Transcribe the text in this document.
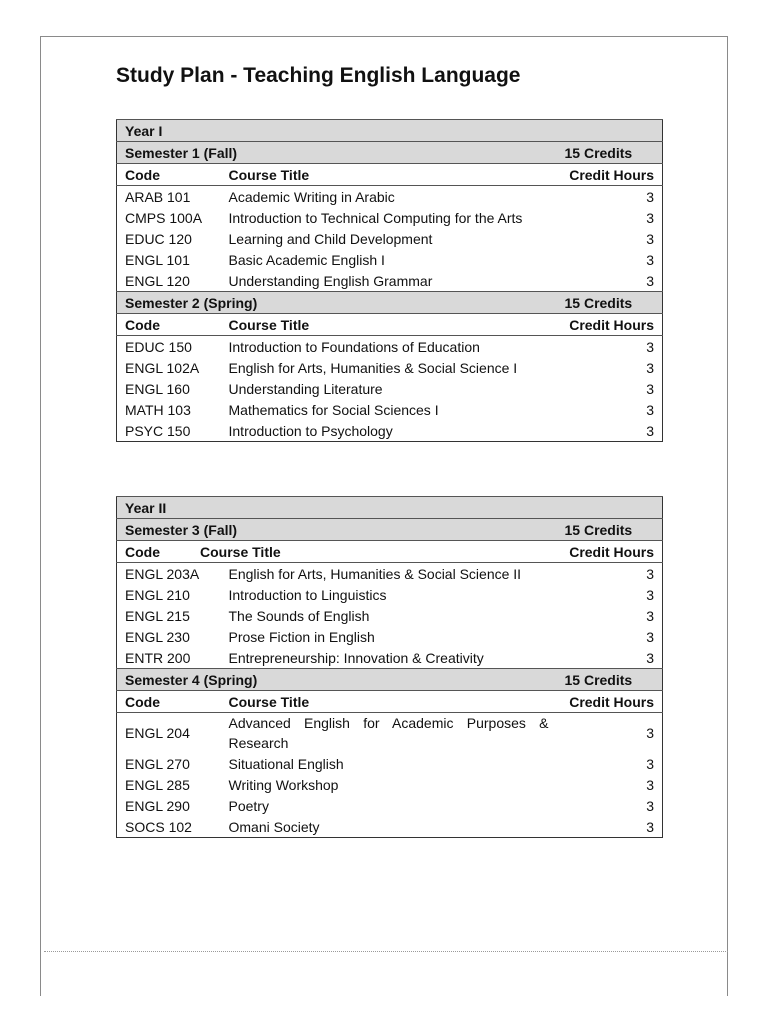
Study Plan - Teaching English Language
Year I		
Semester 1 (Fall)		15 Credits
Code	Course Title	Credit Hours
ARAB 101	Academic Writing in Arabic	3
CMPS 100A	Introduction to Technical Computing for the Arts	3
EDUC 120	Learning and Child Development	3
ENGL 101	Basic Academic English I	3
ENGL 120	Understanding English Grammar	3
Semester 2 (Spring)		15 Credits
Code	Course Title	Credit Hours
EDUC 150	Introduction to Foundations of Education	3
ENGL 102A	English for Arts, Humanities & Social Science I	3
ENGL 160	Understanding Literature	3
MATH 103	Mathematics for Social Sciences I	3
PSYC 150	Introduction to Psychology	3
Year II		
Semester 3 (Fall)		15 Credits
Code Course Title		Credit Hours
ENGL 203A	English for Arts, Humanities & Social Science II	3
ENGL 210	Introduction to Linguistics	3
ENGL 215	The Sounds of English	3
ENGL 230	Prose Fiction in English	3
ENTR 200	Entrepreneurship: Innovation & Creativity	3
Semester 4 (Spring)		15 Credits
Code	Course Title	Credit Hours
ENGL 204	Advanced English for Academic Purposes & Research	3
ENGL 270	Situational English	3
ENGL 285	Writing Workshop	3
ENGL 290	Poetry	3
SOCS 102	Omani Society	3
